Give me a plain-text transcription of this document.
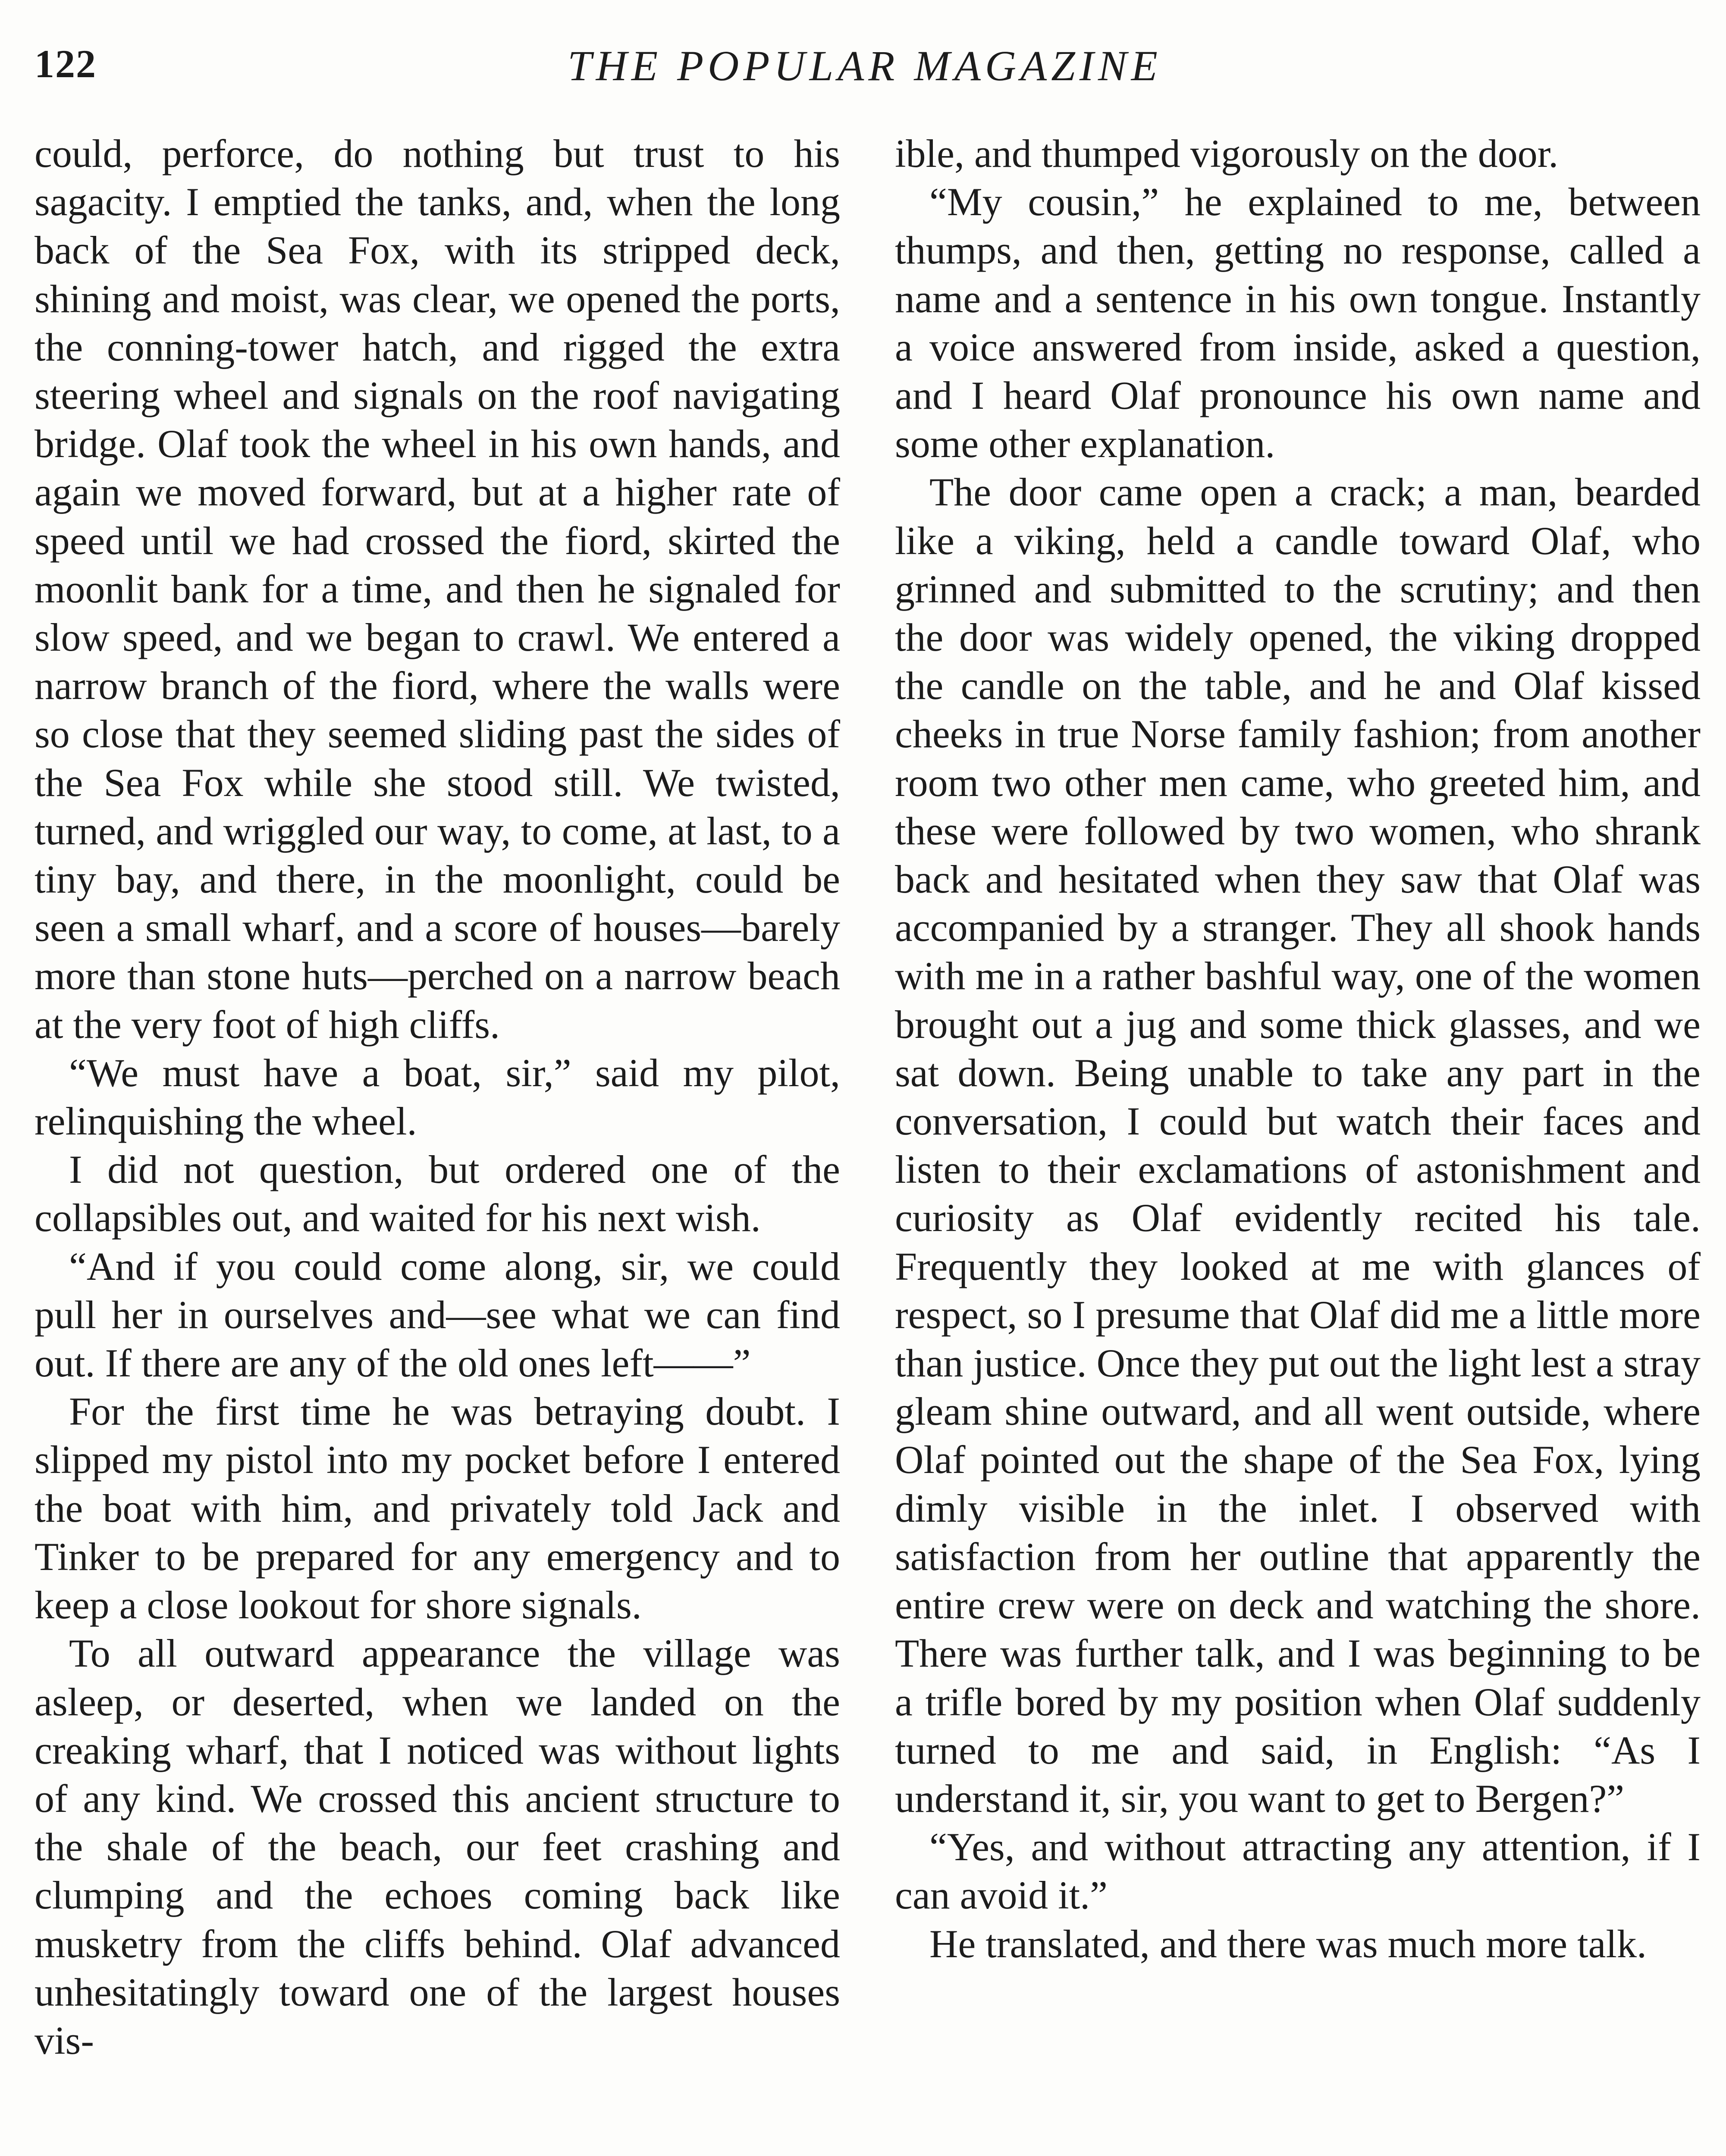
122	THE POPULAR MAGAZINE

could, perforce, do nothing but trust to his sagacity. I emptied the tanks, and, when the long back of the Sea Fox, with its stripped deck, shining and moist, was clear, we opened the ports, the conning-tower hatch, and rigged the extra steering wheel and signals on the roof navigating bridge. Olaf took the wheel in his own hands, and again we moved forward, but at a higher rate of speed until we had crossed the fiord, skirted the moonlit bank for a time, and then he signaled for slow speed, and we began to crawl. We entered a narrow branch of the fiord, where the walls were so close that they seemed sliding past the sides of the Sea Fox while she stood still. We twisted, turned, and wriggled our way, to come, at last, to a tiny bay, and there, in the moonlight, could be seen a small wharf, and a score of houses—barely more than stone huts—perched on a narrow beach at the very foot of high cliffs.

“We must have a boat, sir,” said my pilot, relinquishing the wheel.

I did not question, but ordered one of the collapsibles out, and waited for his next wish.

“And if you could come along, sir, we could pull her in ourselves and—see what we can find out. If there are any of the old ones left——”

For the first time he was betraying doubt. I slipped my pistol into my pocket before I entered the boat with him, and privately told Jack and Tinker to be prepared for any emergency and to keep a close lookout for shore signals.

To all outward appearance the village was asleep, or deserted, when we landed on the creaking wharf, that I noticed was without lights of any kind. We crossed this ancient structure to the shale of the beach, our feet crashing and clumping and the echoes coming back like musketry from the cliffs behind. Olaf advanced unhesitatingly toward one of the largest houses vis-

ible, and thumped vigorously on the door.

“My cousin,” he explained to me, between thumps, and then, getting no response, called a name and a sentence in his own tongue. Instantly a voice answered from inside, asked a question, and I heard Olaf pronounce his own name and some other explanation.

The door came open a crack; a man, bearded like a viking, held a candle toward Olaf, who grinned and submitted to the scrutiny; and then the door was widely opened, the viking dropped the candle on the table, and he and Olaf kissed cheeks in true Norse family fashion; from another room two other men came, who greeted him, and these were followed by two women, who shrank back and hesitated when they saw that Olaf was accompanied by a stranger. They all shook hands with me in a rather bashful way, one of the women brought out a jug and some thick glasses, and we sat down. Being unable to take any part in the conversation, I could but watch their faces and listen to their exclamations of astonishment and curiosity as Olaf evidently recited his tale. Frequently they looked at me with glances of respect, so I presume that Olaf did me a little more than justice. Once they put out the light lest a stray gleam shine outward, and all went outside, where Olaf pointed out the shape of the Sea Fox, lying dimly visible in the inlet. I observed with satisfaction from her outline that apparently the entire crew were on deck and watching the shore. There was further talk, and I was beginning to be a trifle bored by my position when Olaf suddenly turned to me and said, in English: “As I understand it, sir, you want to get to Bergen?”

“Yes, and without attracting any attention, if I can avoid it.”

He translated, and there was much more talk.
